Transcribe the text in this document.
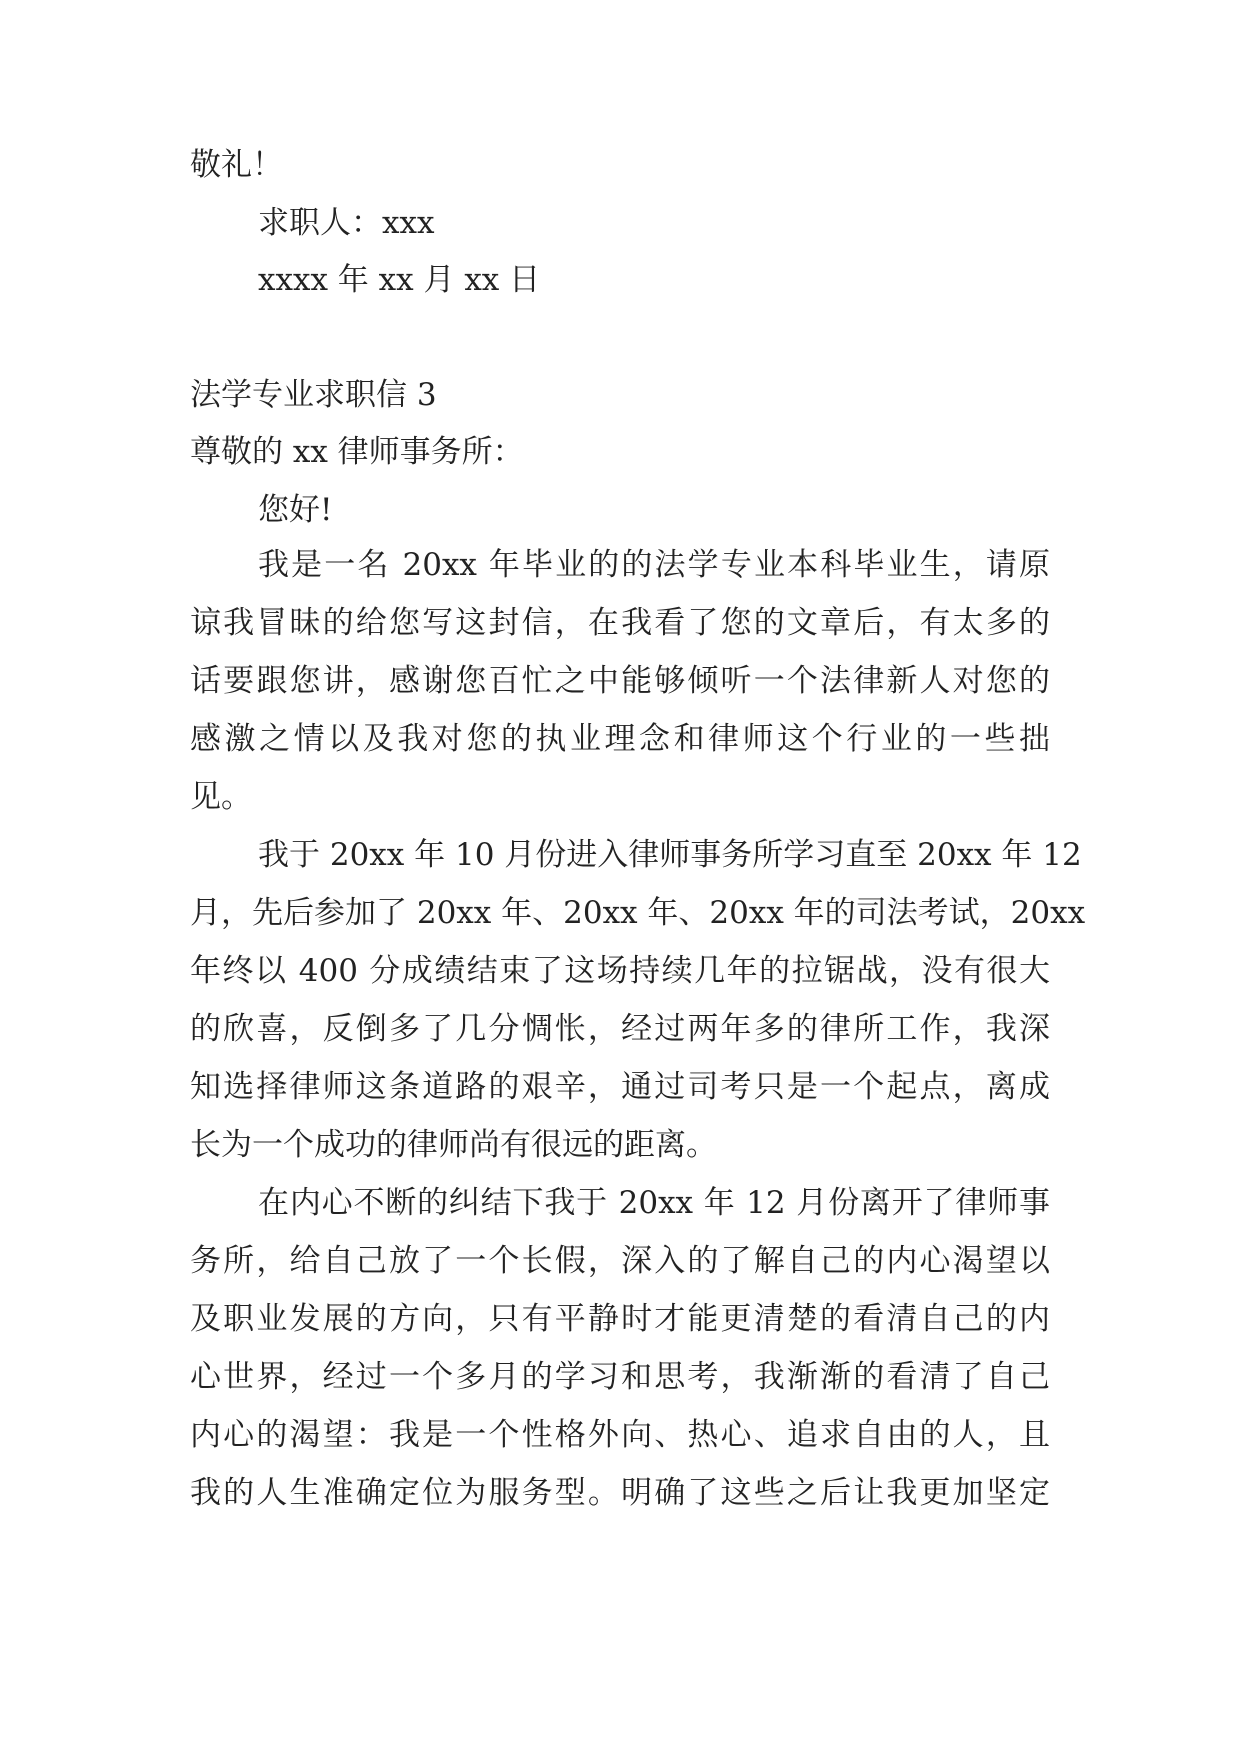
敬礼！
求职人：xxx
xxxx 年 xx 月 xx 日
法学专业求职信 3
尊敬的 xx 律师事务所：
您好!
我是一名 20xx 年毕业的的法学专业本科毕业生，请原
谅我冒昧的给您写这封信，在我看了您的文章后，有太多的
话要跟您讲，感谢您百忙之中能够倾听一个法律新人对您的
感激之情以及我对您的执业理念和律师这个行业的一些拙
见。
我于 20xx 年 10 月份进入律师事务所学习直至 20xx 年 12
月，先后参加了 20xx 年、20xx 年、20xx 年的司法考试，20xx
年终以 400 分成绩结束了这场持续几年的拉锯战，没有很大
的欣喜，反倒多了几分惆怅，经过两年多的律所工作，我深
知选择律师这条道路的艰辛，通过司考只是一个起点，离成
长为一个成功的律师尚有很远的距离。
在内心不断的纠结下我于 20xx 年 12 月份离开了律师事
务所，给自己放了一个长假，深入的了解自己的内心渴望以
及职业发展的方向，只有平静时才能更清楚的看清自己的内
心世界，经过一个多月的学习和思考，我渐渐的看清了自己
内心的渴望：我是一个性格外向、热心、追求自由的人，且
我的人生准确定位为服务型。明确了这些之后让我更加坚定
